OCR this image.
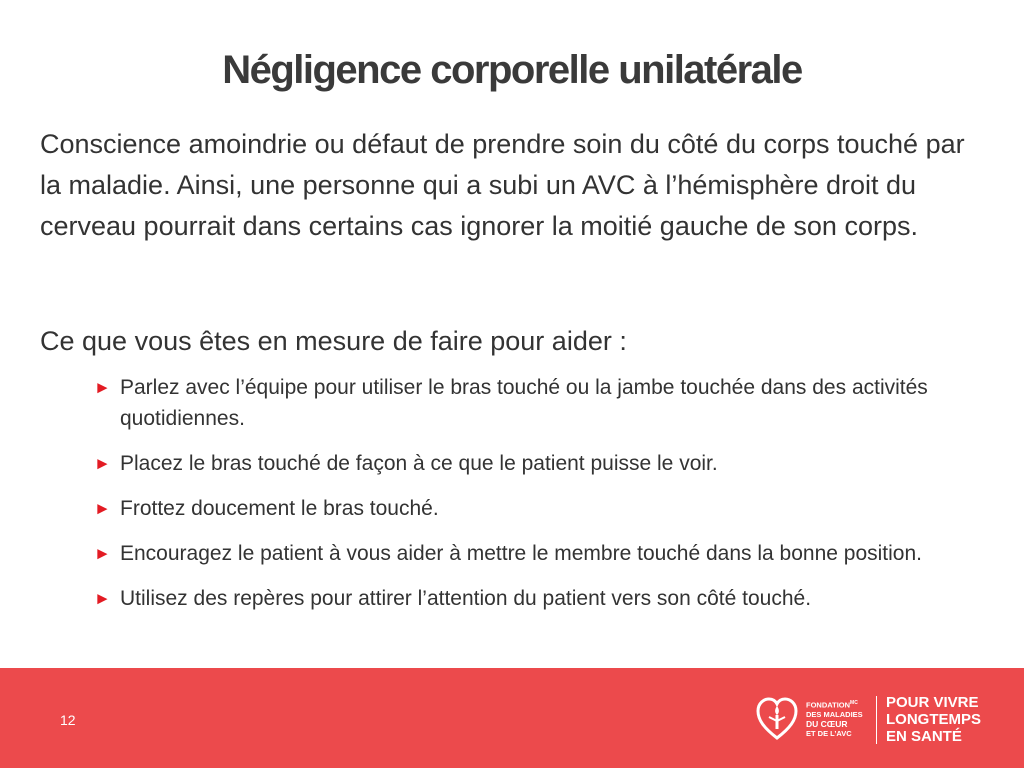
Négligence corporelle unilatérale

Conscience amoindrie ou défaut de prendre soin du côté du corps touché par la maladie. Ainsi, une personne qui a subi un AVC à l’hémisphère droit du cerveau pourrait dans certains cas ignorer la moitié gauche de son corps.

Ce que vous êtes en mesure de faire pour aider :

► Parlez avec l’équipe pour utiliser le bras touché ou la jambe touchée dans des activités quotidiennes.
► Placez le bras touché de façon à ce que le patient puisse le voir.
► Frottez doucement le bras touché.
► Encouragez le patient à vous aider à mettre le membre touché dans la bonne position.
► Utilisez des repères pour attirer l’attention du patient vers son côté touché.
12
$FONDATION^{MC}$
DES MALADIES
DU CŒUR
ET DE L’AVC
POUR VIVRE
LONGTEMPS
EN SANTÉ
